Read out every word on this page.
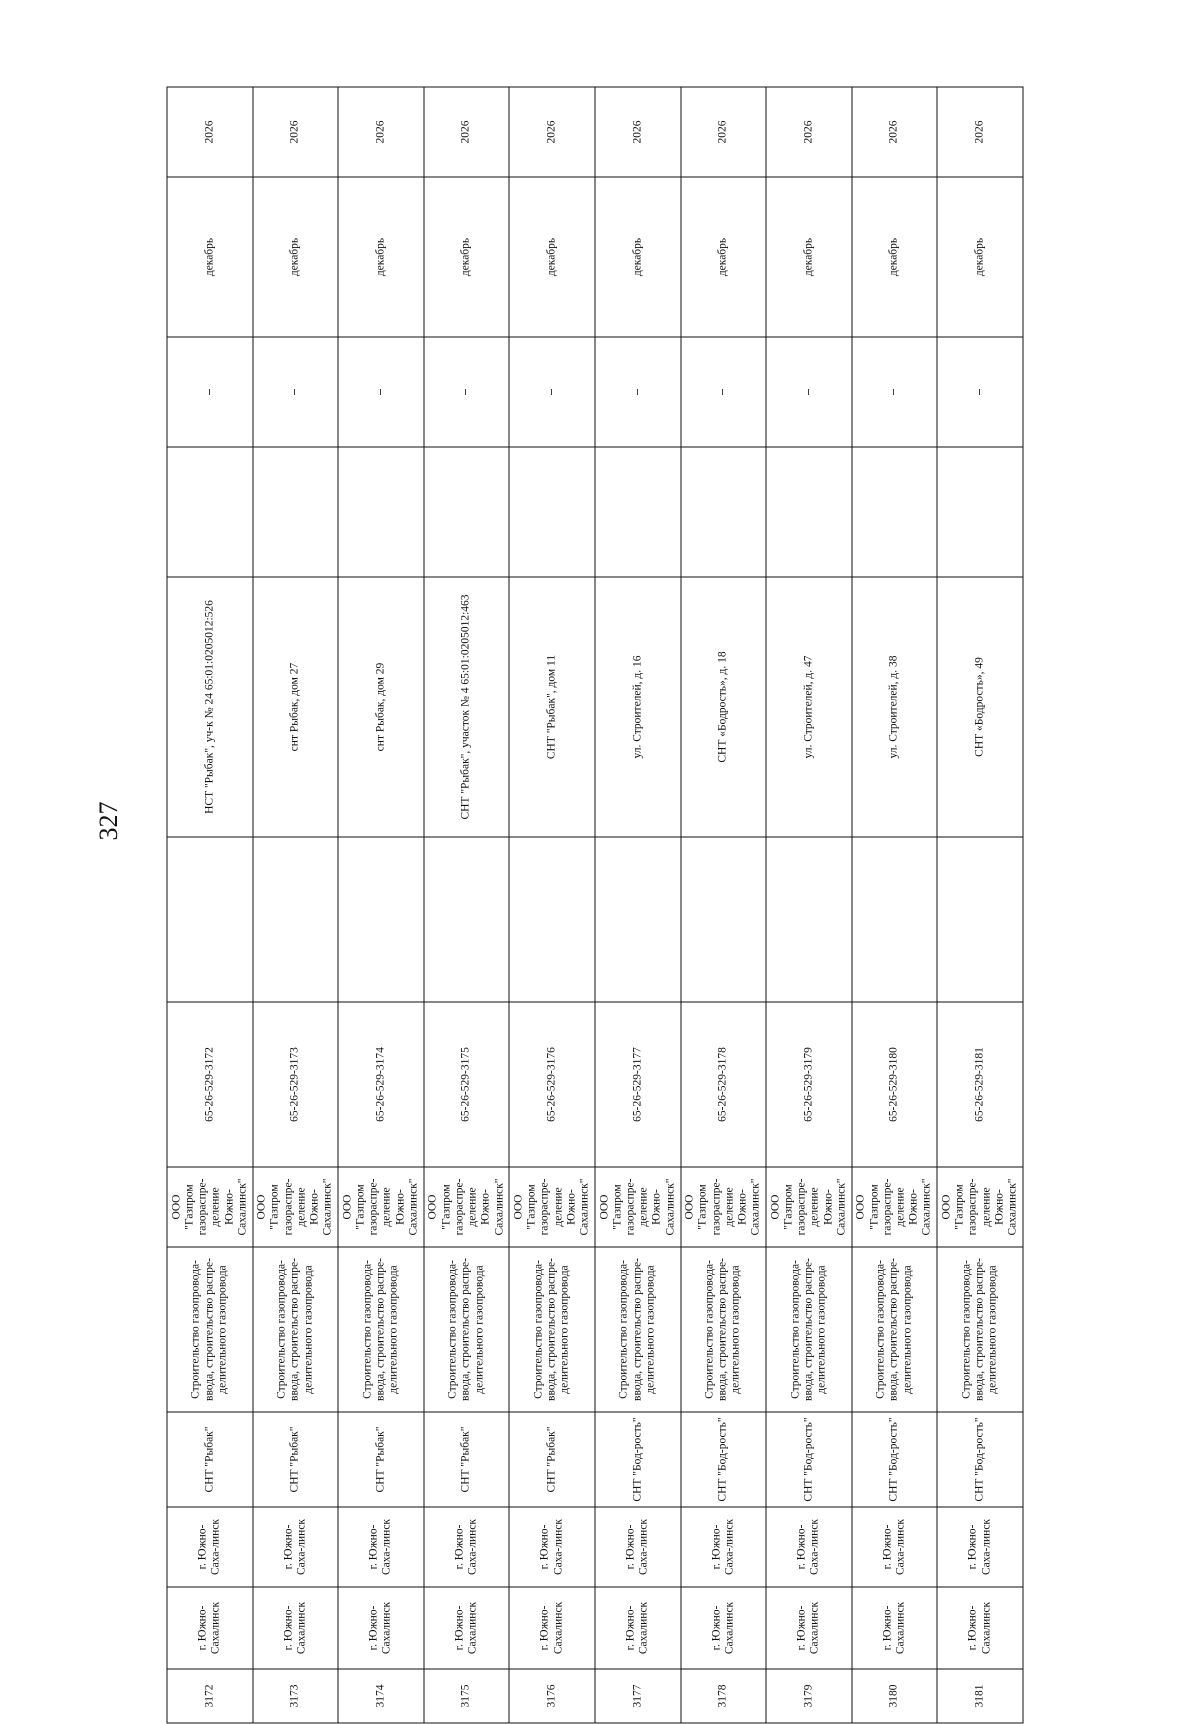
327
3172	г. Южно-Сахалинск	г. Южно-Саха-линск	СНТ "Рыбак"	Строительство газопровода-ввода, строительство распре-делительного газопровода	ООО "Газпром газораспре-деление Южно-Сахалинск"	65-26-529-3172		НСТ "Рыбак", уч-к № 24 65:01:0205012:526		–	декабрь	2026
3173	г. Южно-Сахалинск	г. Южно-Саха-линск	СНТ "Рыбак"	Строительство газопровода-ввода, строительство распре-делительного газопровода	ООО "Газпром газораспре-деление Южно-Сахалинск"	65-26-529-3173		снт Рыбак, дом 27		–	декабрь	2026
3174	г. Южно-Сахалинск	г. Южно-Саха-линск	СНТ "Рыбак"	Строительство газопровода-ввода, строительство распре-делительного газопровода	ООО "Газпром газораспре-деление Южно-Сахалинск"	65-26-529-3174		снт Рыбак, дом 29		–	декабрь	2026
3175	г. Южно-Сахалинск	г. Южно-Саха-линск	СНТ "Рыбак"	Строительство газопровода-ввода, строительство распре-делительного газопровода	ООО "Газпром газораспре-деление Южно-Сахалинск"	65-26-529-3175		СНТ "Рыбак", участок № 4 65:01:0205012:463		–	декабрь	2026
3176	г. Южно-Сахалинск	г. Южно-Саха-линск	СНТ "Рыбак"	Строительство газопровода-ввода, строительство распре-делительного газопровода	ООО "Газпром газораспре-деление Южно-Сахалинск"	65-26-529-3176		СНТ "Рыбак", дом 11		–	декабрь	2026
3177	г. Южно-Сахалинск	г. Южно-Саха-линск	СНТ "Бод-рость"	Строительство газопровода-ввода, строительство распре-делительного газопровода	ООО "Газпром газораспре-деление Южно-Сахалинск"	65-26-529-3177		ул. Строителей, д. 16		–	декабрь	2026
3178	г. Южно-Сахалинск	г. Южно-Саха-линск	СНТ "Бод-рость"	Строительство газопровода-ввода, строительство распре-делительного газопровода	ООО "Газпром газораспре-деление Южно-Сахалинск"	65-26-529-3178		СНТ «Бодрость», д. 18		–	декабрь	2026
3179	г. Южно-Сахалинск	г. Южно-Саха-линск	СНТ "Бод-рость"	Строительство газопровода-ввода, строительство распре-делительного газопровода	ООО "Газпром газораспре-деление Южно-Сахалинск"	65-26-529-3179		ул. Строителей, д. 47		–	декабрь	2026
3180	г. Южно-Сахалинск	г. Южно-Саха-линск	СНТ "Бод-рость"	Строительство газопровода-ввода, строительство распре-делительного газопровода	ООО "Газпром газораспре-деление Южно-Сахалинск"	65-26-529-3180		ул. Строителей, д. 38		–	декабрь	2026
3181	г. Южно-Сахалинск	г. Южно-Саха-линск	СНТ "Бод-рость"	Строительство газопровода-ввода, строительство распре-делительного газопровода	ООО "Газпром газораспре-деление Южно-Сахалинск"	65-26-529-3181		СНТ «Бодрость», 49		–	декабрь	2026
